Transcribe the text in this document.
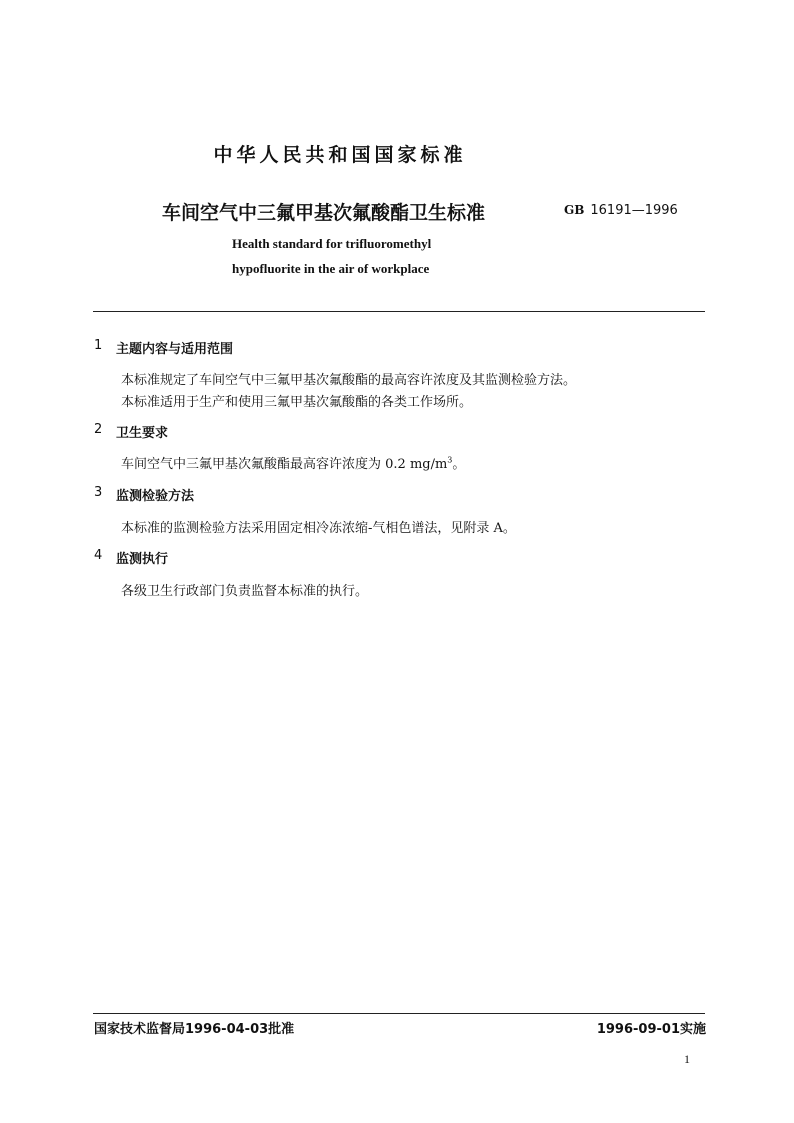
中华人民共和国国家标准
车间空气中三氟甲基次氟酸酯卫生标准	GB 16191—1996
Health standard for trifluoromethyl
hypofluorite in the air of workplace
1 主题内容与适用范围
本标准规定了车间空气中三氟甲基次氟酸酯的最高容许浓度及其监测检验方法。
本标准适用于生产和使用三氟甲基次氟酸酯的各类工作场所。
2 卫生要求
车间空气中三氟甲基次氟酸酯最高容许浓度为 0.2 $mg/m^3$。
3 监测检验方法
本标准的监测检验方法采用固定相冷冻浓缩-气相色谱法，见附录 A。
4 监测执行
各级卫生行政部门负责监督本标准的执行。
国家技术监督局1996-04-03批准	1996-09-01实施
1
